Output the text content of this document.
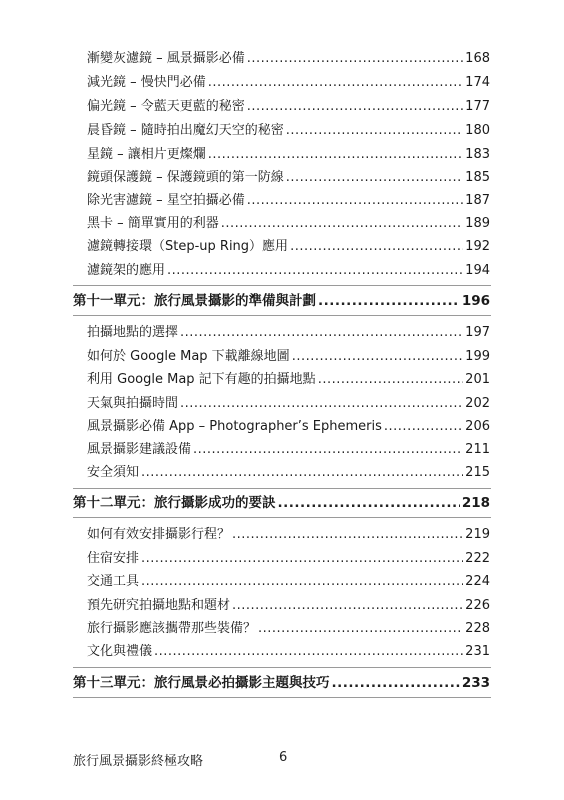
漸變灰濾鏡 – 風景攝影必備 .....	168
減光鏡 – 慢快門必備 .....	174
偏光鏡 – 令藍天更藍的秘密 .....	177
晨昏鏡 – 隨時拍出魔幻天空的秘密 .....	180
星鏡 – 讓相片更燦爛 .....	183
鏡頭保護鏡 – 保護鏡頭的第一防線 .....	185
除光害濾鏡 – 星空拍攝必備 .....	187
黑卡 – 簡單實用的利器 .....	189
濾鏡轉接環（Step-up Ring）應用 .....	192
濾鏡架的應用 .....	194
第十一單元：旅行風景攝影的準備與計劃 .....	196
拍攝地點的選擇 .....	197
如何於 Google Map 下載離線地圖 .....	199
利用 Google Map 記下有趣的拍攝地點 .....	201
天氣與拍攝時間 .....	202
風景攝影必備 App – Photographer’s Ephemeris .....	206
風景攝影建議設備 .....	211
安全須知 .....	215
第十二單元：旅行攝影成功的要訣 .....	218
如何有效安排攝影行程？ .....	219
住宿安排 .....	222
交通工具 .....	224
預先研究拍攝地點和題材 .....	226
旅行攝影應該攜帶那些裝備？ .....	228
文化與禮儀 .....	231
第十三單元：旅行風景必拍攝影主題與技巧 .....	233
旅行風景攝影終極攻略	6
